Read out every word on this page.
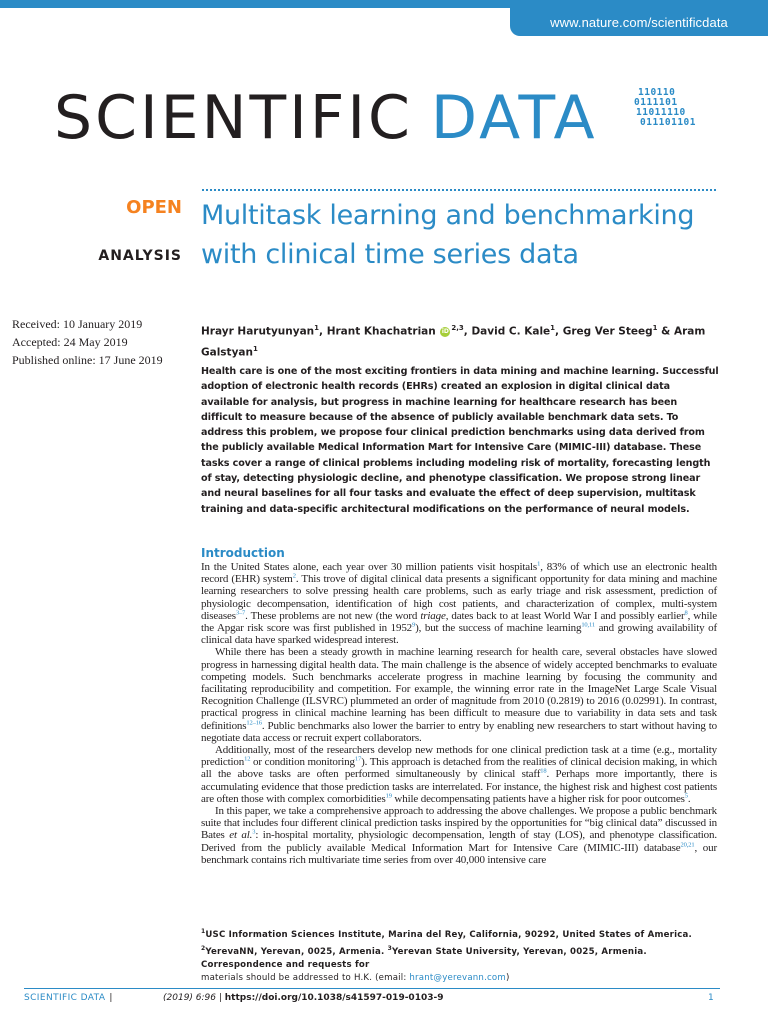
www.nature.com/scientificdata
SCIENTIFIC DATA	110110
0111101
11011110
011101101
OPEN
ANALYSIS
Multitask learning and benchmarking with clinical time series data
Received: 10 January 2019
Accepted: 24 May 2019
Published online: 17 June 2019
Hrayr Harutyunyan$^1$, Hrant Khachatrian iD $^{2,3}$, David C. Kale$^1$, Greg Ver Steeg$^1$ & Aram Galstyan$^1$

Health care is one of the most exciting frontiers in data mining and machine learning. Successful adoption of electronic health records (EHRs) created an explosion in digital clinical data available for analysis, but progress in machine learning for healthcare research has been difficult to measure because of the absence of publicly available benchmark data sets. To address this problem, we propose four clinical prediction benchmarks using data derived from the publicly available Medical Information Mart for Intensive Care (MIMIC-III) database. These tasks cover a range of clinical problems including modeling risk of mortality, forecasting length of stay, detecting physiologic decline, and phenotype classification. We propose strong linear and neural baselines for all four tasks and evaluate the effect of deep supervision, multitask training and data-specific architectural modifications on the performance of neural models.

Introduction

In the United States alone, each year over 30 million patients visit hospitals$^1$, 83% of which use an electronic health record (EHR) system$^2$. This trove of digital clinical data presents a significant opportunity for data mining and machine learning researchers to solve pressing health care problems, such as early triage and risk assessment, prediction of physiologic decompensation, identification of high cost patients, and characterization of complex, multi-system diseases$^{3-7}$. These problems are not new (the word triage, dates back to at least World War I and possibly earlier$^8$, while the Apgar risk score was first published in 1952$^9$), but the success of machine learning$^{10,11}$ and growing availability of clinical data have sparked widespread interest.

While there has been a steady growth in machine learning research for health care, several obstacles have slowed progress in harnessing digital health data. The main challenge is the absence of widely accepted benchmarks to evaluate competing models. Such benchmarks accelerate progress in machine learning by focusing the community and facilitating reproducibility and competition. For example, the winning error rate in the ImageNet Large Scale Visual Recognition Challenge (ILSVRC) plummeted an order of magnitude from 2010 (0.2819) to 2016 (0.02991). In contrast, practical progress in clinical machine learning has been difficult to measure due to variability in data sets and task definitions$^{12-16}$. Public benchmarks also lower the barrier to entry by enabling new researchers to start without having to negotiate data access or recruit expert collaborators.

Additionally, most of the researchers develop new methods for one clinical prediction task at a time (e.g., mortality prediction$^{12}$ or condition monitoring$^{17}$). This approach is detached from the realities of clinical decision making, in which all the above tasks are often performed simultaneously by clinical staff$^{18}$. Perhaps more importantly, there is accumulating evidence that those prediction tasks are interrelated. For instance, the highest risk and highest cost patients are often those with complex comorbidities$^{19}$ while decompensating patients have a higher risk for poor outcomes$^5$.

In this paper, we take a comprehensive approach to addressing the above challenges. We propose a public benchmark suite that includes four different clinical prediction tasks inspired by the opportunities for “big clinical data” discussed in Bates et al.$^3$: in-hospital mortality, physiologic decompensation, length of stay (LOS), and phenotype classification. Derived from the publicly available Medical Information Mart for Intensive Care (MIMIC-III) database$^{20,21}$, our benchmark contains rich multivariate time series from over 40,000 intensive care

$^1$USC Information Sciences Institute, Marina del Rey, California, 90292, United States of America. $^2$YerevaNN, Yerevan, 0025, Armenia. $^3$Yerevan State University, Yerevan, 0025, Armenia. Correspondence and requests for
materials should be addressed to H.K. (email: hrant@yerevann.com)
SCIENTIFIC DATA |	(2019) 6:96 | https://doi.org/10.1038/s41597-019-0103-9	1
